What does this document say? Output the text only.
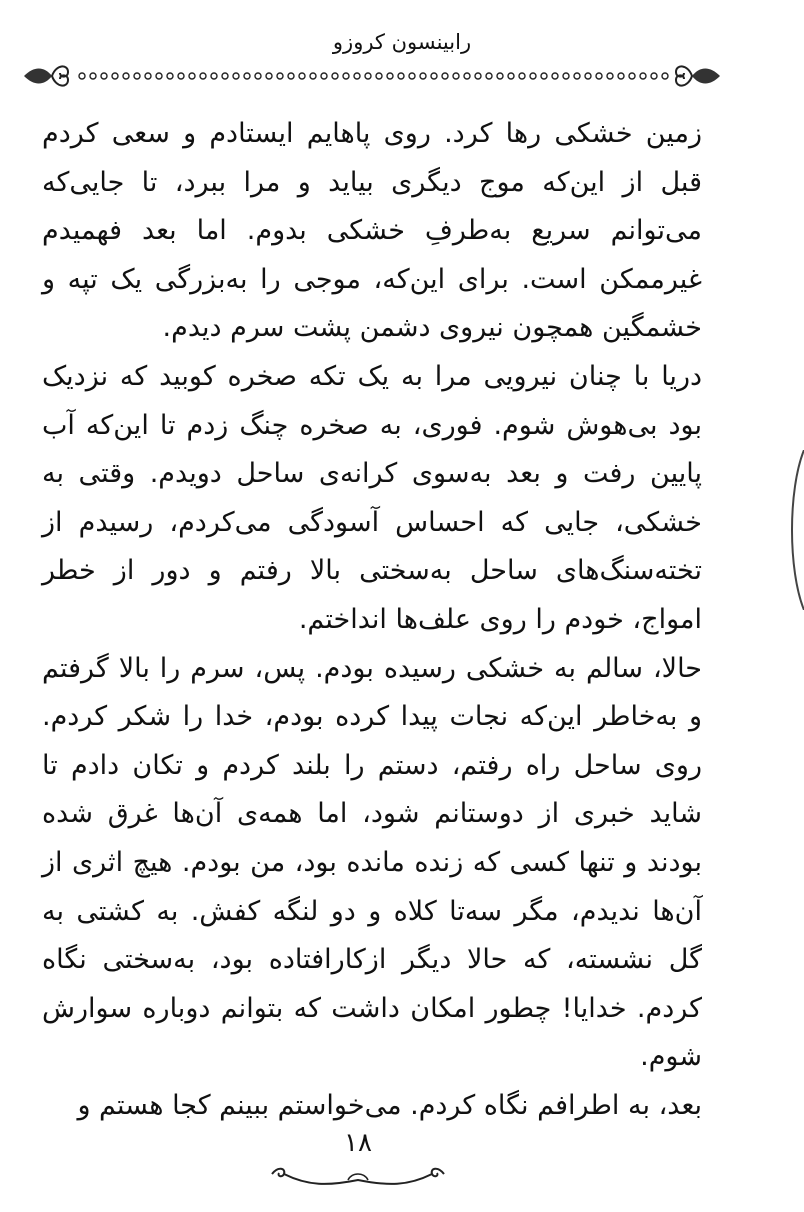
رابینسون کروزو

زمین خشکی رها کرد. روی پاهایم ایستادم و سعی کردم قبل از این‌که موج دیگری بیاید و مرا ببرد، تا جایی‌که می‌توانم سریع به‌طرفِ خشکی بدوم. اما بعد فهمیدم غیرممکن است. برای این‌که، موجی را به‌بزرگی یک تپه و خشمگین همچون نیروی دشمن پشت سرم دیدم.

دریا با چنان نیرویی مرا به یک تکه صخره کوبید که نزدیک بود بی‌هوش شوم. فوری، به صخره چنگ زدم تا این‌که آب پایین رفت و بعد به‌سوی کرانه‌ی ساحل دویدم. وقتی به خشکی، جایی که احساس آسودگی می‌کردم، رسیدم از تخته‌سنگ‌های ساحل به‌سختی بالا رفتم و دور از خطر امواج، خودم را روی علف‌ها انداختم.

حالا، سالم به خشکی رسیده بودم. پس، سرم را بالا گرفتم و به‌خاطر این‌که نجات پیدا کرده بودم، خدا را شکر کردم. روی ساحل راه رفتم، دستم را بلند کردم و تکان دادم تا شاید خبری از دوستانم شود، اما همه‌ی آن‌ها غرق شده بودند و تنها کسی که زنده مانده بود، من بودم. هیچ اثری از آن‌ها ندیدم، مگر سه‌تا کلاه و دو لنگه کفش. به کشتی به گل نشسته، که حالا دیگر ازکارافتاده بود، به‌سختی نگاه کردم. خدایا! چطور امکان داشت که بتوانم دوباره سوارش شوم.

بعد، به اطرافم نگاه کردم. می‌خواستم ببینم کجا هستم و

۱۸
